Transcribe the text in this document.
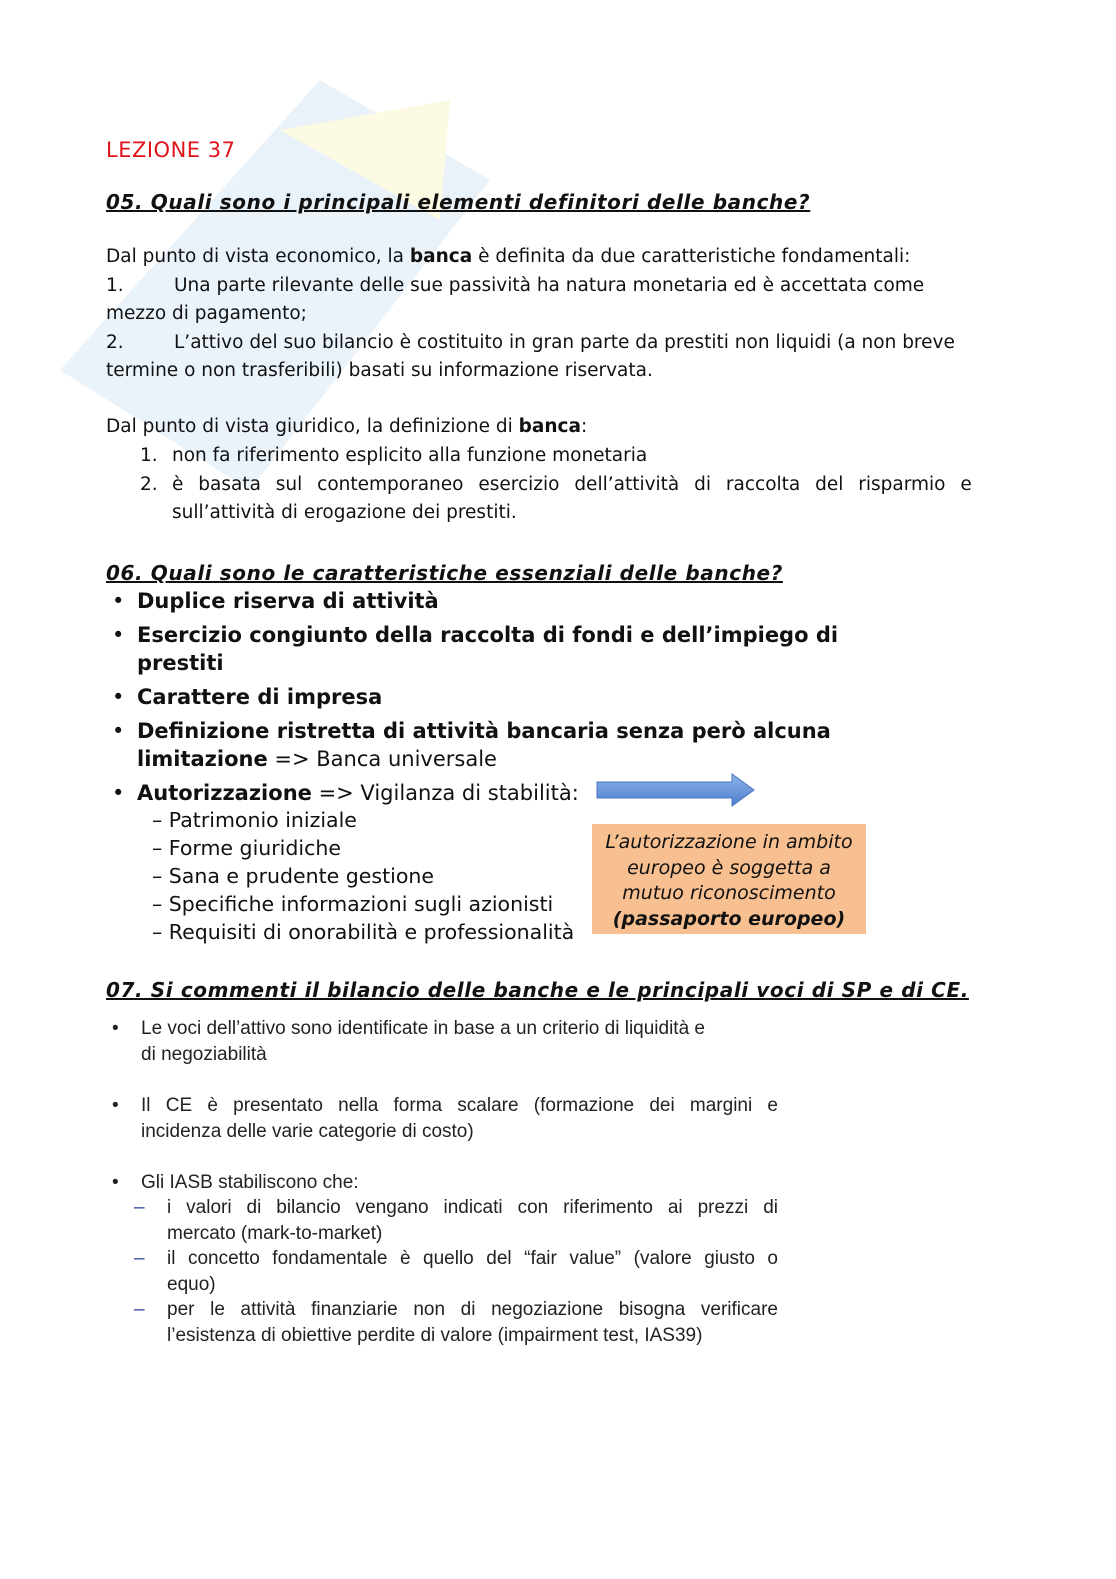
LEZIONE 37
05. Quali sono i principali elementi definitori delle banche?
Dal punto di vista economico, la banca è definita da due caratteristiche fondamentali:
1.	Una parte rilevante delle sue passività ha natura monetaria ed è accettata come
mezzo di pagamento;
2.	L’attivo del suo bilancio è costituito in gran parte da prestiti non liquidi (a non breve
termine o non trasferibili) basati su informazione riservata.
Dal punto di vista giuridico, la definizione di banca:
1. non fa riferimento esplicito alla funzione monetaria
2. è basata sul contemporaneo esercizio dell’attività di raccolta del risparmio e
sull’attività di erogazione dei prestiti.
06. Quali sono le caratteristiche essenziali delle banche?
• Duplice riserva di attività
• Esercizio congiunto della raccolta di fondi e dell’impiego di
prestiti
• Carattere di impresa
• Definizione ristretta di attività bancaria senza però alcuna
limitazione => Banca universale
• Autorizzazione => Vigilanza di stabilità:
– Patrimonio iniziale
– Forme giuridiche
– Sana e prudente gestione
– Specifiche informazioni sugli azionisti
– Requisiti di onorabilità e professionalità
L’autorizzazione in ambito
europeo è soggetta a
mutuo riconoscimento
(passaporto europeo)
07. Si commenti il bilancio delle banche e le principali voci di SP e di CE.
• Le voci dell’attivo sono identificate in base a un criterio di liquidità e
di negoziabilità
• Il CE è presentato nella forma scalare (formazione dei margini e
incidenza delle varie categorie di costo)
• Gli IASB stabiliscono che:
– i valori di bilancio vengano indicati con riferimento ai prezzi di
mercato (mark-to-market)
– il concetto fondamentale è quello del “fair value” (valore giusto o
equo)
– per le attività finanziarie non di negoziazione bisogna verificare
l’esistenza di obiettive perdite di valore (impairment test, IAS39)
